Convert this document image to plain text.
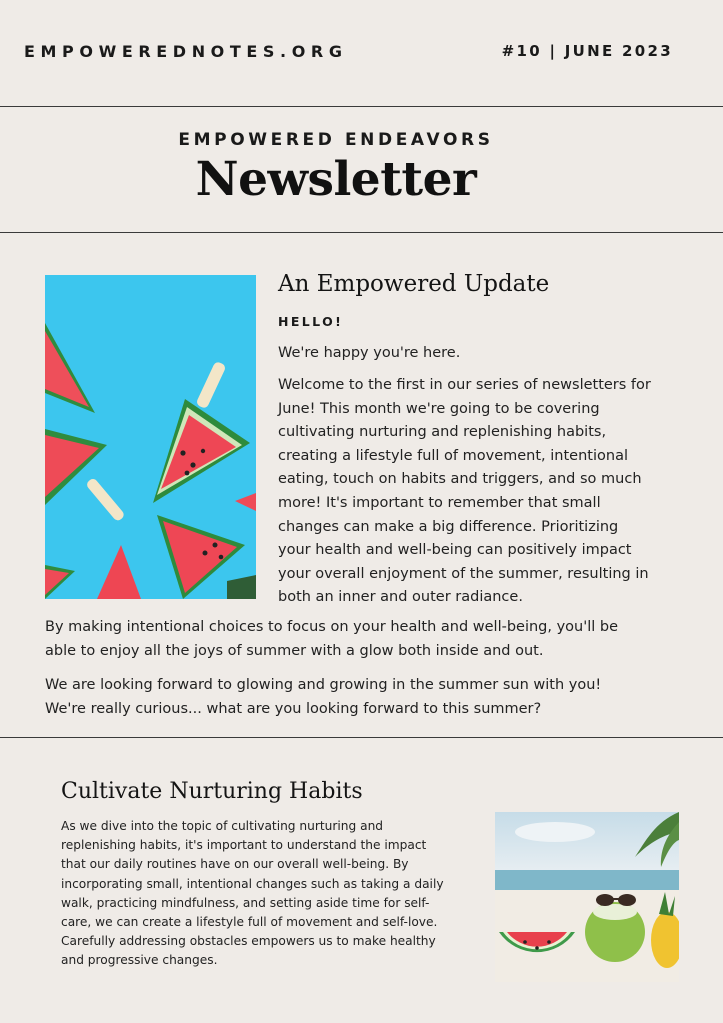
EMPOWEREDNOTES.ORG	#10 | JUNE 2023
EMPOWERED ENDEAVORS
Newsletter
An Empowered Update
HELLO!

We're happy you're here.

Welcome to the first in our series of newsletters for

June! This month we're going to be covering

cultivating nurturing and replenishing habits,

creating a lifestyle full of movement, intentional

eating, touch on habits and triggers, and so much

more! It's important to remember that small

changes can make a big difference. Prioritizing

your health and well-being can positively impact

your overall enjoyment of the summer, resulting in

both an inner and outer radiance.

By making intentional choices to focus on your health and well-being, you'll be

able to enjoy all the joys of summer with a glow both inside and out.

We are looking forward to glowing and growing in the summer sun with you!

We're really curious... what are you looking forward to this summer?

Cultivate Nurturing Habits

As we dive into the topic of cultivating nurturing and

replenishing habits, it's important to understand the impact

that our daily routines have on our overall well-being. By

incorporating small, intentional changes such as taking a daily

walk, practicing mindfulness, and setting aside time for self-

care, we can create a lifestyle full of movement and self-love.

Carefully addressing obstacles empowers us to make healthy

and progressive changes.
